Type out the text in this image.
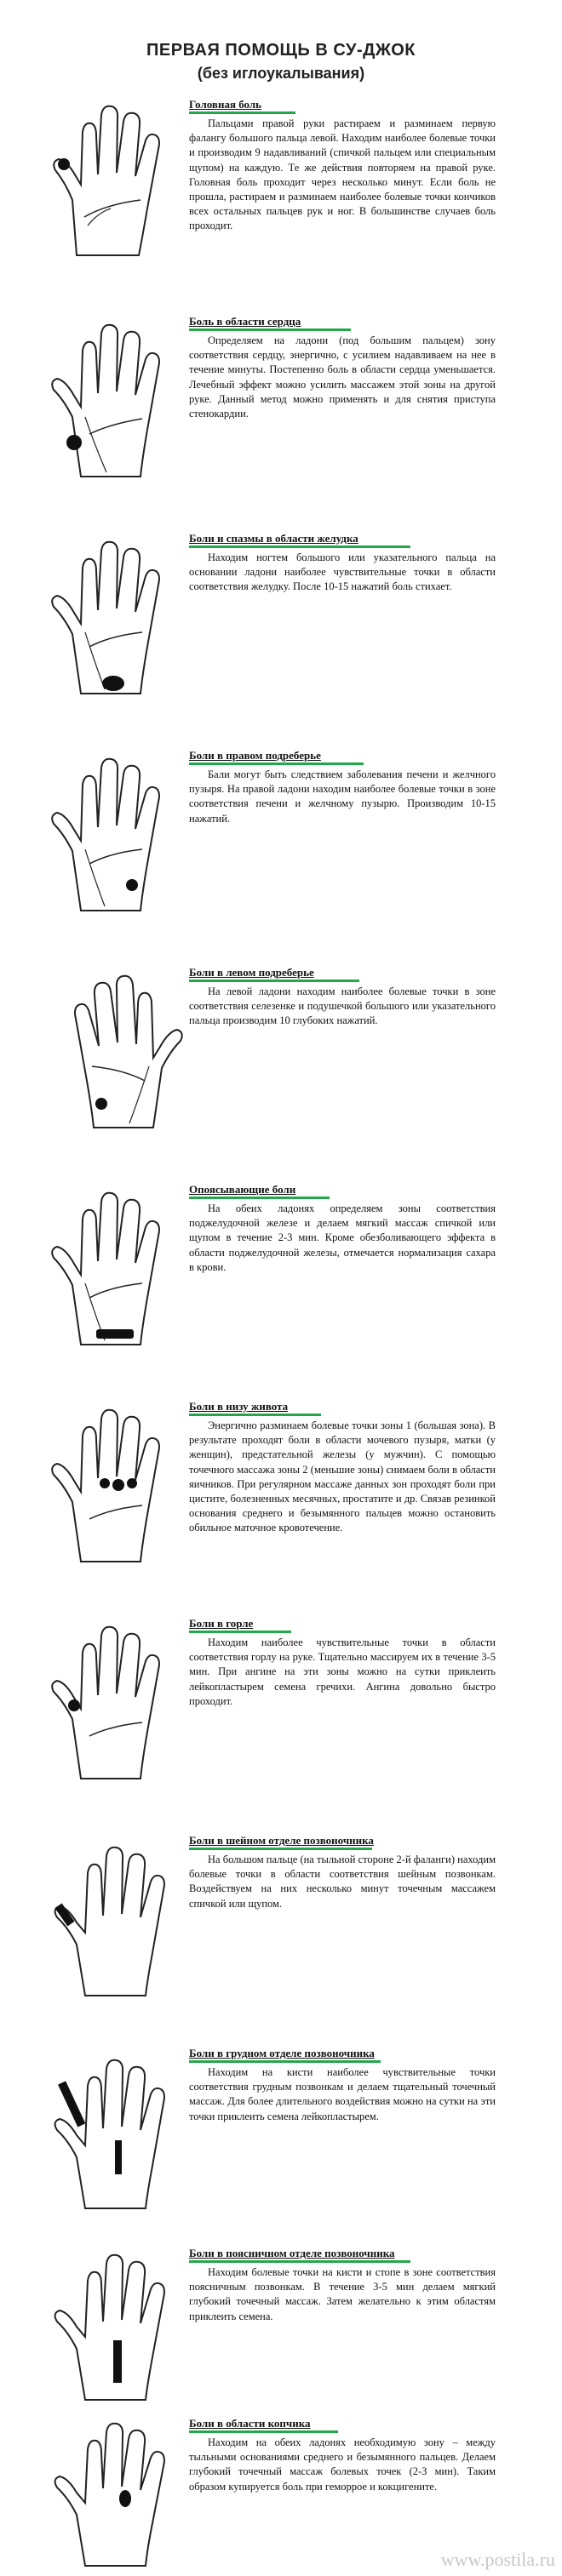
ПЕРВАЯ ПОМОЩЬ В СУ-ДЖОК
(без иглоукалывания)
Головная боль

Пальцами правой руки растираем и разминаем первую фалангу большого пальца левой. Находим наиболее болевые точки и производим 9 надавливаний (спичкой пальцем или специальным щупом) на каждую. Те же действия повторяем на правой руке. Головная боль проходит через несколько минут. Если боль не прошла, растираем и разминаем наиболее болевые точки кончиков всех остальных пальцев рук и ног. В большинстве случаев боль проходит.

Боль в области сердца

Определяем на ладони (под большим пальцем) зону соответствия сердцу, энергично, с усилием надавливаем на нее в течение минуты. Постепенно боль в области сердца уменьшается. Лечебный эффект можно усилить массажем этой зоны на другой руке. Данный метод можно применять и для снятия приступа стенокардии.

Боли и спазмы в области желудка

Находим ногтем большого или указательного пальца на основании ладони наиболее чувствительные точки в области соответствия желудку. После 10-15 нажатий боль стихает.

Боли в правом подреберье

Бали могут быть следствием заболевания печени и желчного пузыря. На правой ладони находим наиболее болевые точки в зоне соответствия печени и желчному пузырю. Производим 10-15 нажатий.

Боли в левом подреберье

На левой ладони находим наиболее болевые точки в зоне соответствия селезенке и подушечкой большого или указательного пальца производим 10 глубоких нажатий.

Опоясывающие боли

На обеих ладонях определяем зоны соответствия поджелудочной железе и делаем мягкий массаж спичкой или щупом в течение 2-3 мин. Кроме обезболивающего эффекта в области поджелудочной железы, отмечается нормализация сахара в крови.

Боли в низу живота

Энергично разминаем болевые точки зоны 1 (большая зона). В результате проходят боли в области мочевого пузыря, матки (у женщин), предстательной железы (у мужчин). С помощью точечного массажа зоны 2 (меньшие зоны) снимаем боли в области яичников. При регулярном массаже данных зон проходят боли при цистите, болезненных месячных, простатите и др. Связав резинкой основания среднего и безымянного пальцев можно остановить обильное маточное кровотечение.

Боли в горле

Находим наиболее чувствительные точки в области соответствия горлу на руке. Тщательно массируем их в течение 3-5 мин. При ангине на эти зоны можно на сутки приклеить лейкопластырем семена гречихи. Ангина довольно быстро проходит.

Боли в шейном отделе позвоночника

На большом пальце (на тыльной стороне 2-й фаланги) находим болевые точки в области соответствия шейным позвонкам. Воздействуем на них несколько минут точечным массажем спичкой или щупом.

Боли в грудном отделе позвоночника

Находим на кисти наиболее чувствительные точки соответствия грудным позвонкам и делаем тщательный точечный массаж. Для более длительного воздействия можно на сутки на эти точки приклеить семена лейкопластырем.

Боли в поясничном отделе позвоночника

Находим болевые точки на кисти и стопе в зоне соответствия поясничным позвонкам. В течение 3-5 мин делаем мягкий глубокий точечный массаж. Затем желательно к этим областям приклеить семена.

Боли в области копчика

Находим на обеих ладонях необходимую зону – между тыльными основаниями среднего и безымянного пальцев. Делаем глубокий точечный массаж болевых точек (2-3 мин). Таким образом купируется боль при геморрое и кокцигените.

www.postila.ru
